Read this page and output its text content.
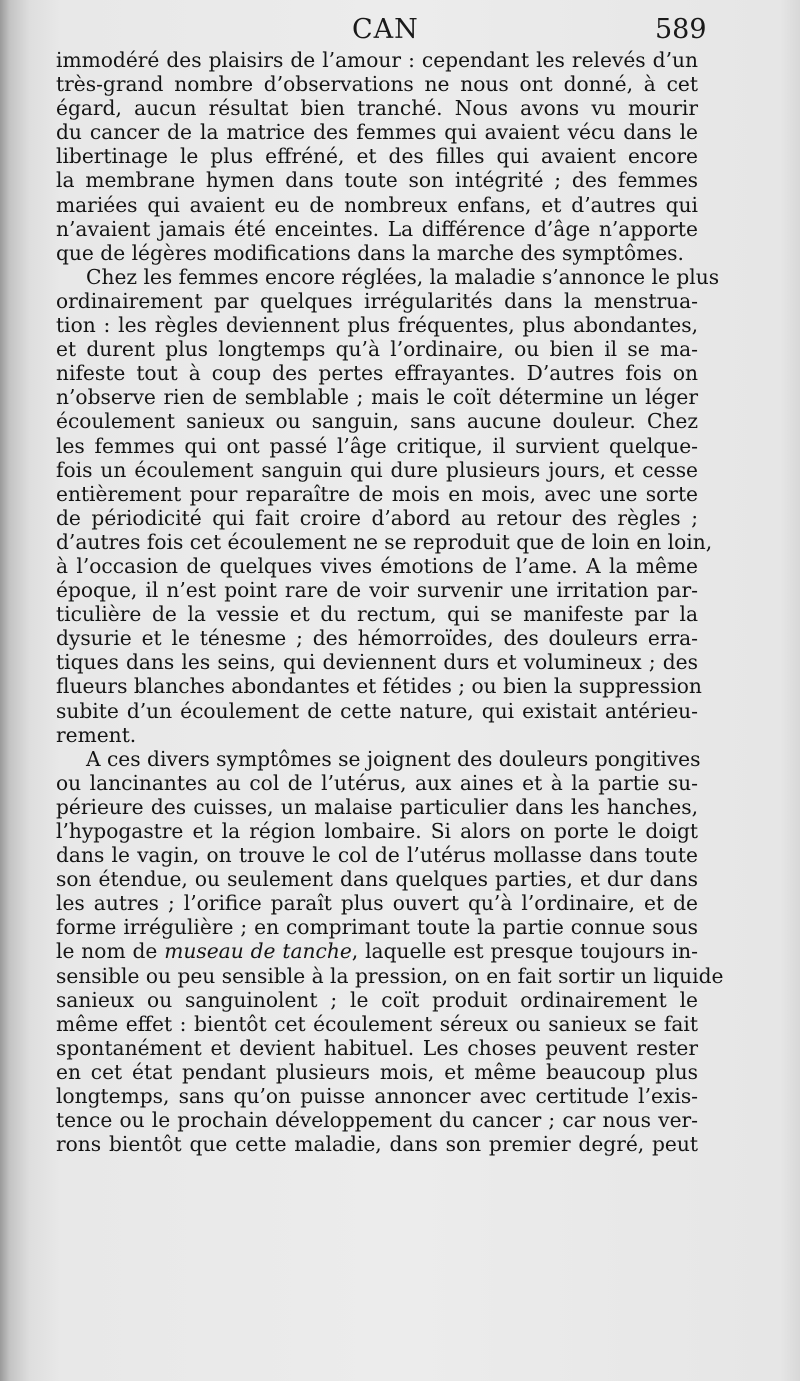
CAN	589
immodéré des plaisirs de l’amour : cependant les relevés d’un
très-grand nombre d’observations ne nous ont donné, à cet
égard, aucun résultat bien tranché. Nous avons vu mourir
du cancer de la matrice des femmes qui avaient vécu dans le
libertinage le plus effréné, et des filles qui avaient encore
la membrane hymen dans toute son intégrité ; des femmes
mariées qui avaient eu de nombreux enfans, et d’autres qui
n’avaient jamais été enceintes. La différence d’âge n’apporte
que de légères modifications dans la marche des symptômes.
Chez les femmes encore réglées, la maladie s’annonce le plus
ordinairement par quelques irrégularités dans la menstrua-
tion : les règles deviennent plus fréquentes, plus abondantes,
et durent plus longtemps qu’à l’ordinaire, ou bien il se ma-
nifeste tout à coup des pertes effrayantes. D’autres fois on
n’observe rien de semblable ; mais le coït détermine un léger
écoulement sanieux ou sanguin, sans aucune douleur. Chez
les femmes qui ont passé l’âge critique, il survient quelque-
fois un écoulement sanguin qui dure plusieurs jours, et cesse
entièrement pour reparaître de mois en mois, avec une sorte
de périodicité qui fait croire d’abord au retour des règles ;
d’autres fois cet écoulement ne se reproduit que de loin en loin,
à l’occasion de quelques vives émotions de l’ame. A la même
époque, il n’est point rare de voir survenir une irritation par-
ticulière de la vessie et du rectum, qui se manifeste par la
dysurie et le ténesme ; des hémorroïdes, des douleurs erra-
tiques dans les seins, qui deviennent durs et volumineux ; des
flueurs blanches abondantes et fétides ; ou bien la suppression
subite d’un écoulement de cette nature, qui existait antérieu-
rement.
A ces divers symptômes se joignent des douleurs pongitives
ou lancinantes au col de l’utérus, aux aines et à la partie su-
périeure des cuisses, un malaise particulier dans les hanches,
l’hypogastre et la région lombaire. Si alors on porte le doigt
dans le vagin, on trouve le col de l’utérus mollasse dans toute
son étendue, ou seulement dans quelques parties, et dur dans
les autres ; l’orifice paraît plus ouvert qu’à l’ordinaire, et de
forme irrégulière ; en comprimant toute la partie connue sous
le nom de museau de tanche, laquelle est presque toujours in-
sensible ou peu sensible à la pression, on en fait sortir un liquide
sanieux ou sanguinolent ; le coït produit ordinairement le
même effet : bientôt cet écoulement séreux ou sanieux se fait
spontanément et devient habituel. Les choses peuvent rester
en cet état pendant plusieurs mois, et même beaucoup plus
longtemps, sans qu’on puisse annoncer avec certitude l’exis-
tence ou le prochain développement du cancer ; car nous ver-
rons bientôt que cette maladie, dans son premier degré, peut
